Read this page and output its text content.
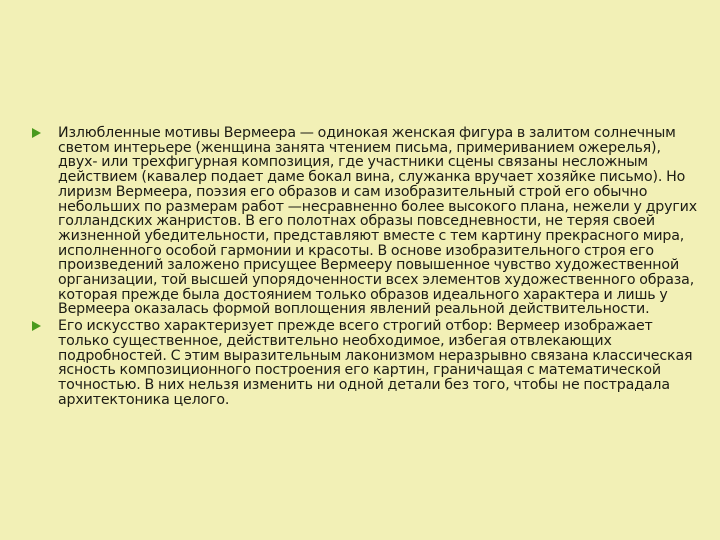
Излюбленные мотивы Вермеера — одинокая женская фигура в залитом солнечным светом интерьере (женщина занята чтением письма, примериванием ожерелья), двух- или трехфигурная композиция, где участники сцены связаны несложным действием (кавалер подает даме бокал вина, служанка вручает хозяйке письмо). Но лиризм Вермеера, поэзия его образов и сам изобразительный строй его обычно небольших по размерам работ —несравненно более высокого плана, нежели у других голландских жанристов. В его полотнах образы повседневности, не теряя своей жизненной убедительности, представляют вместе с тем картину прекрасного мира, исполненного особой гармонии и красоты. В основе изобразительного строя его произведений заложено присущее Вермееру повышенное чувство художественной организации, той высшей упорядоченности всех элементов художественного образа, которая прежде была достоянием только образов идеального характера и лишь у Вермеера оказалась формой воплощения явлений реальной действительности.
Его искусство характеризует прежде всего строгий отбор: Вермеер изображает только существенное, действительно необходимое, избегая отвлекающих подробностей. С этим выразительным лаконизмом неразрывно связана классическая ясность композиционного построения его картин, граничащая с математической точностью. В них нельзя изменить ни одной детали без того, чтобы не пострадала архитектоника целого.
